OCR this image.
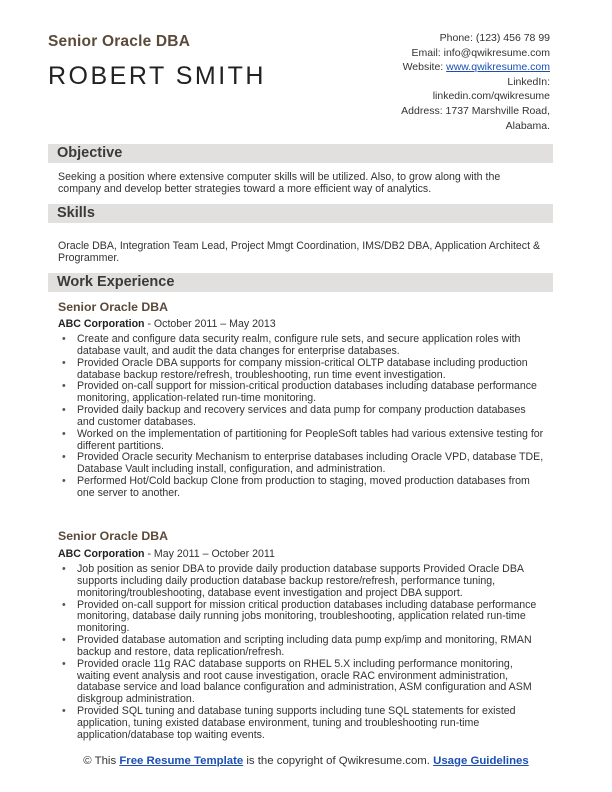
Senior Oracle DBA
ROBERT SMITH
Phone: (123) 456 78 99
Email: info@qwikresume.com
Website: www.qwikresume.com
LinkedIn:
linkedin.com/qwikresume
Address: 1737 Marshville Road,
Alabama.
Objective
Seeking a position where extensive computer skills will be utilized. Also, to grow along with the company and develop better strategies toward a more efficient way of analytics.
Skills
Oracle DBA, Integration Team Lead, Project Mmgt Coordination, IMS/DB2 DBA, Application Architect & Programmer.
Work Experience
Senior Oracle DBA
ABC Corporation - October 2011 – May 2013
• Create and configure data security realm, configure rule sets, and secure application roles with database vault, and audit the data changes for enterprise databases.
• Provided Oracle DBA supports for company mission-critical OLTP database including production database backup restore/refresh, troubleshooting, run time event investigation.
• Provided on-call support for mission-critical production databases including database performance monitoring, application-related run-time monitoring.
• Provided daily backup and recovery services and data pump for company production databases and customer databases.
• Worked on the implementation of partitioning for PeopleSoft tables had various extensive testing for different partitions.
• Provided Oracle security Mechanism to enterprise databases including Oracle VPD, database TDE, Database Vault including install, configuration, and administration.
• Performed Hot/Cold backup Clone from production to staging, moved production databases from one server to another.
Senior Oracle DBA
ABC Corporation - May 2011 – October 2011
• Job position as senior DBA to provide daily production database supports Provided Oracle DBA supports including daily production database backup restore/refresh, performance tuning, monitoring/troubleshooting, database event investigation and project DBA support.
• Provided on-call support for mission critical production databases including database performance monitoring, database daily running jobs monitoring, troubleshooting, application related run-time monitoring.
• Provided database automation and scripting including data pump exp/imp and monitoring, RMAN backup and restore, data replication/refresh.
• Provided oracle 11g RAC database supports on RHEL 5.X including performance monitoring, waiting event analysis and root cause investigation, oracle RAC environment administration, database service and load balance configuration and administration, ASM configuration and ASM diskgroup administration.
• Provided SQL tuning and database tuning supports including tune SQL statements for existed application, tuning existed database environment, tuning and troubleshooting run-time application/database top waiting events.
© This Free Resume Template is the copyright of Qwikresume.com. Usage Guidelines
